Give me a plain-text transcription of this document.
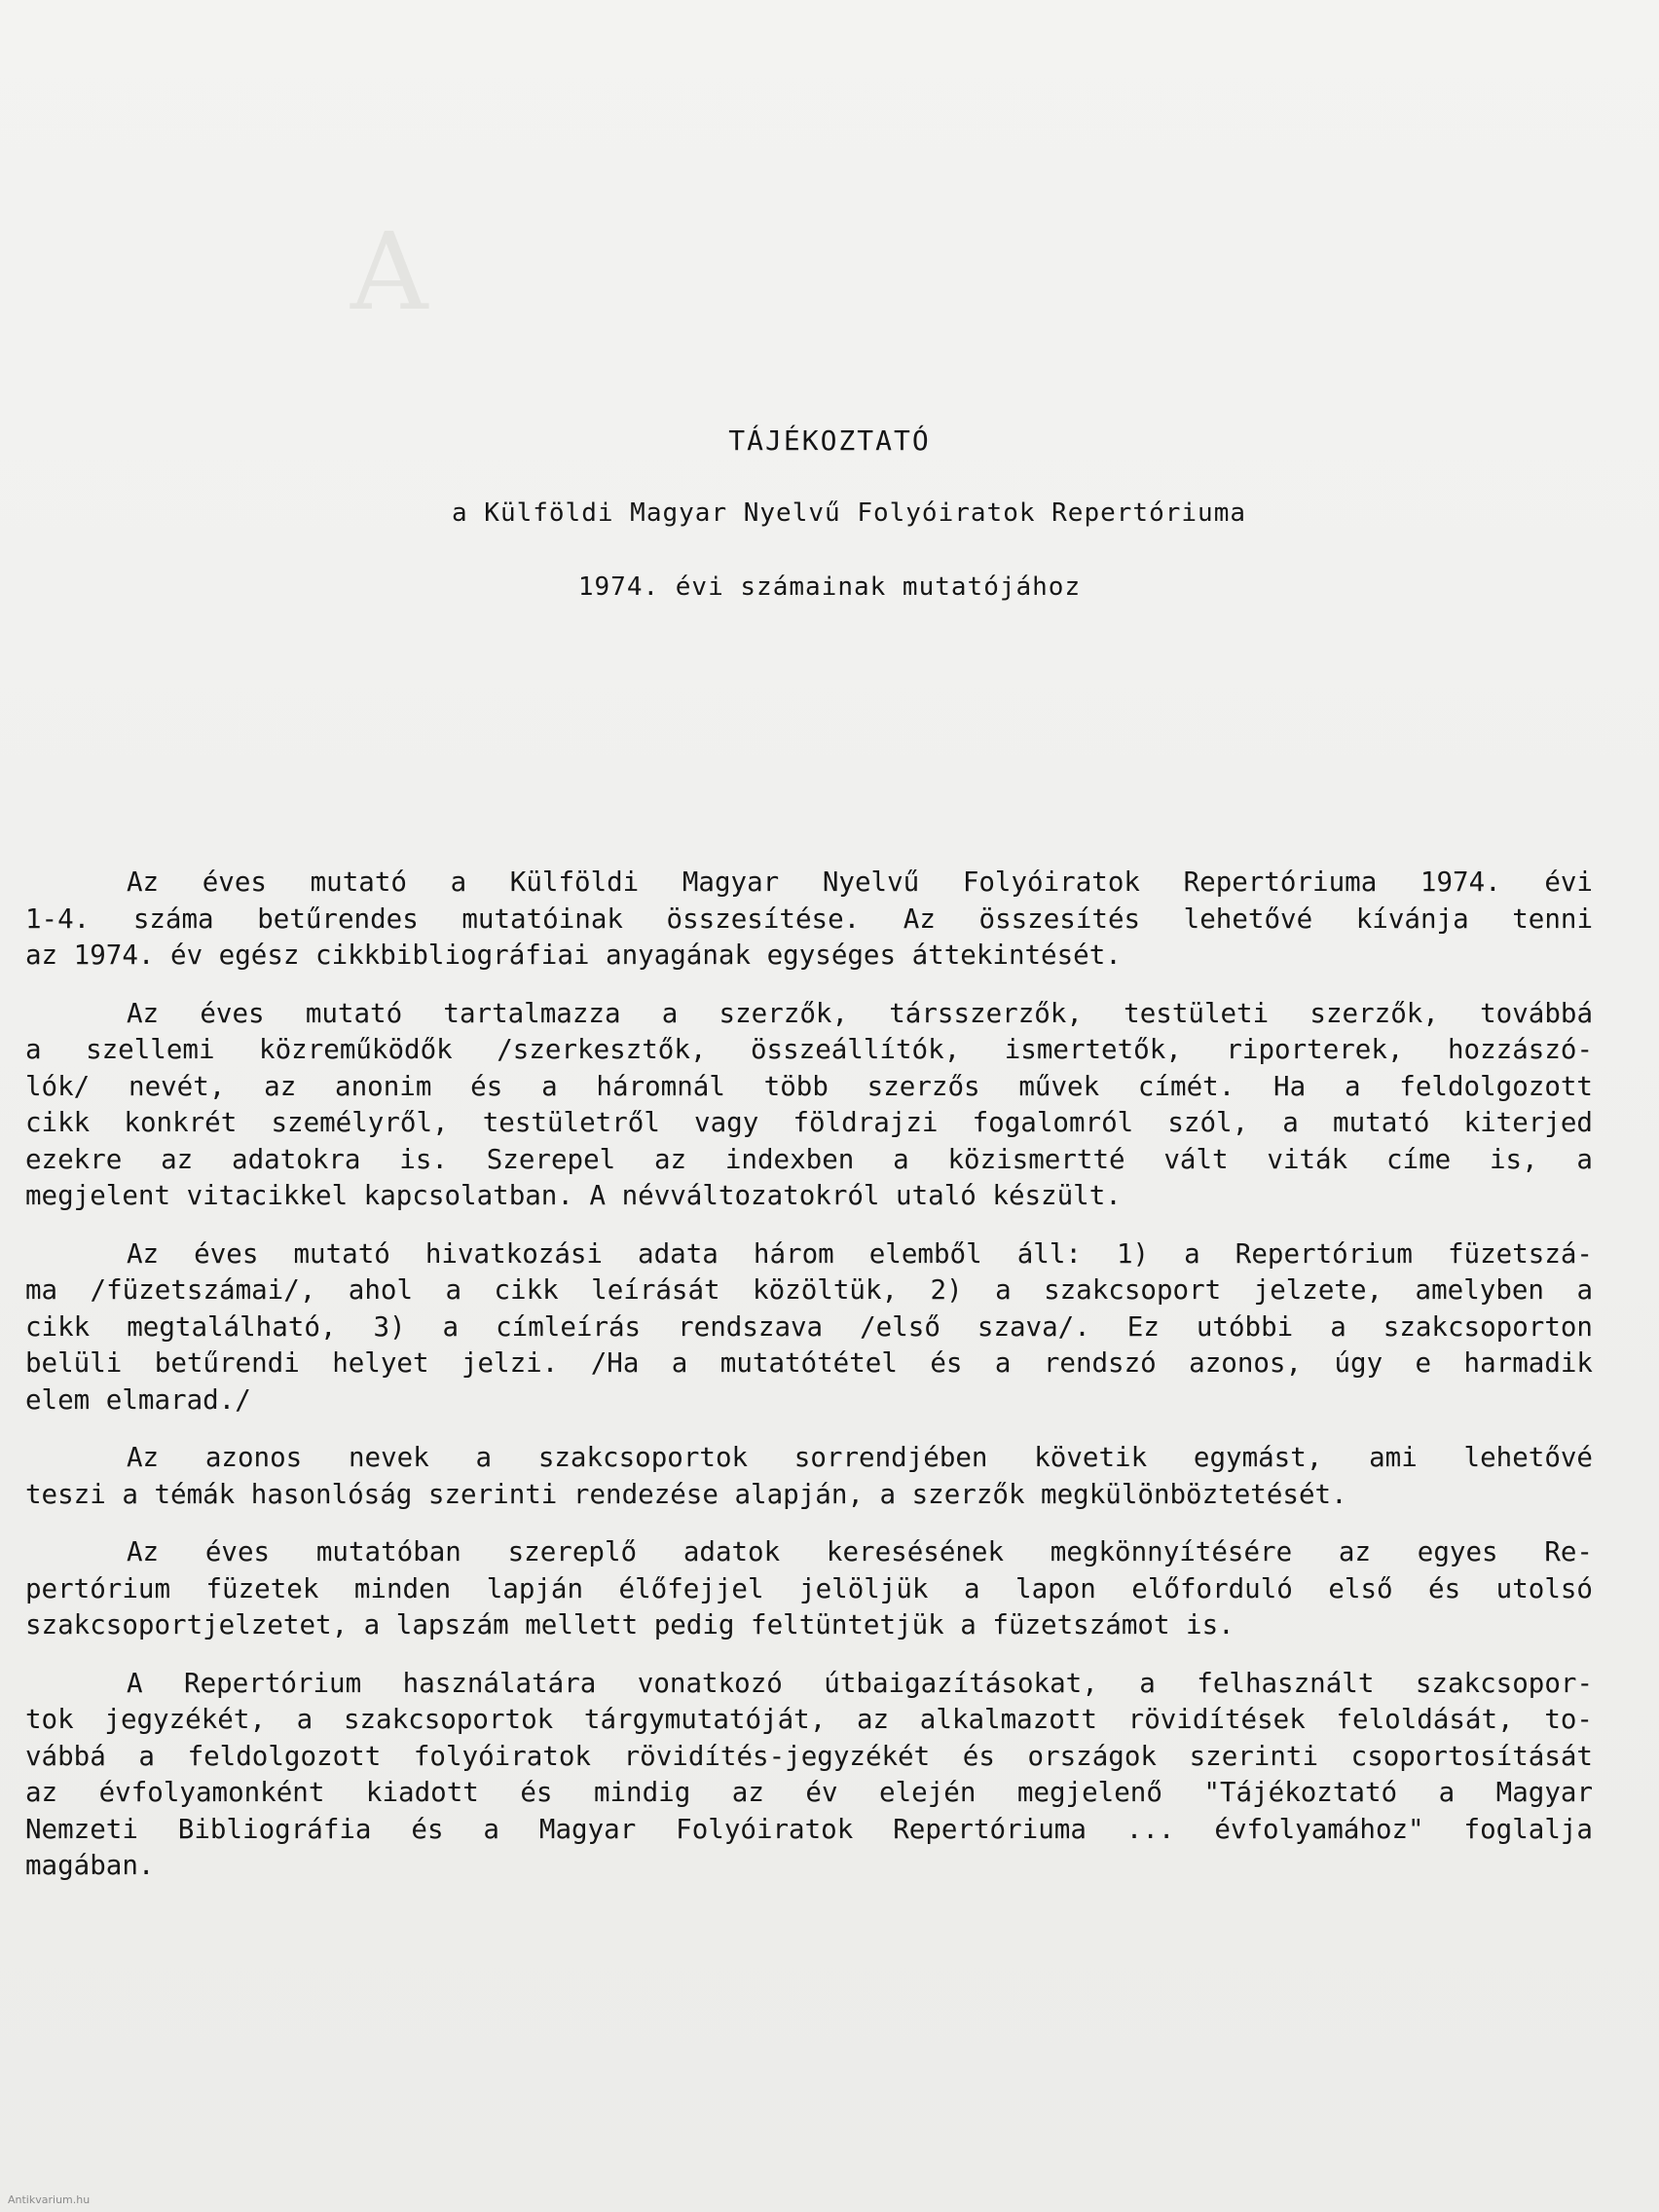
A
TÁJÉKOZTATÓ
a Külföldi Magyar Nyelvű Folyóiratok Repertóriuma
1974. évi számainak mutatójához

Az éves mutató a Külföldi Magyar Nyelvű Folyóiratok Repertóriuma 1974. évi
1-4. száma betűrendes mutatóinak összesítése. Az összesítés lehetővé kívánja tenni
az 1974. év egész cikkbibliográfiai anyagának egységes áttekintését.

Az éves mutató tartalmazza a szerzők, társszerzők, testületi szerzők, továbbá
a szellemi közreműködők /szerkesztők, összeállítók, ismertetők, riporterek, hozzászó-
lók/ nevét, az anonim és a háromnál több szerzős művek címét. Ha a feldolgozott
cikk konkrét személyről, testületről vagy földrajzi fogalomról szól, a mutató kiterjed
ezekre az adatokra is. Szerepel az indexben a közismertté vált viták címe is, a
megjelent vitacikkel kapcsolatban. A névváltozatokról utaló készült.

Az éves mutató hivatkozási adata három elemből áll: 1) a Repertórium füzetszá-
ma /füzetszámai/, ahol a cikk leírását közöltük, 2) a szakcsoport jelzete, amelyben a
cikk megtalálható, 3) a címleírás rendszava /első szava/. Ez utóbbi a szakcsoporton
belüli betűrendi helyet jelzi. /Ha a mutatótétel és a rendszó azonos, úgy e harmadik
elem elmarad./

Az azonos nevek a szakcsoportok sorrendjében követik egymást, ami lehetővé
teszi a témák hasonlóság szerinti rendezése alapján, a szerzők megkülönböztetését.

Az éves mutatóban szereplő adatok keresésének megkönnyítésére az egyes Re-
pertórium füzetek minden lapján élőfejjel jelöljük a lapon előforduló első és utolsó
szakcsoportjelzetet, a lapszám mellett pedig feltüntetjük a füzetszámot is.

A Repertórium használatára vonatkozó útbaigazításokat, a felhasznált szakcsopor-
tok jegyzékét, a szakcsoportok tárgymutatóját, az alkalmazott rövidítések feloldását, to-
vábbá a feldolgozott folyóiratok rövidítés-jegyzékét és országok szerinti csoportosítását
az évfolyamonként kiadott és mindig az év elején megjelenő "Tájékoztató a Magyar
Nemzeti Bibliográfia és a Magyar Folyóiratok Repertóriuma ... évfolyamához" foglalja
magában.

Antikvarium.hu
